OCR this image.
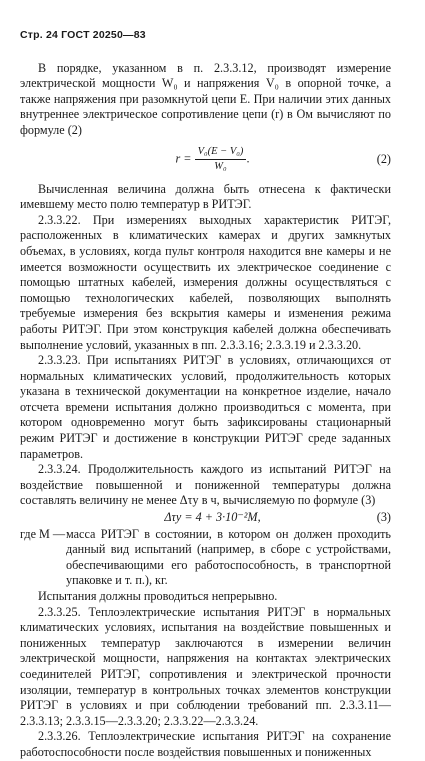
Стр. 24 ГОСТ 20250—83

В порядке, указанном в п. 2.3.3.12, производят измерение электрической мощности W₀ и напряжения V₀ в опорной точке, а также напряжения при разомкнутой цепи E. При наличии этих данных внутреннее электрическое сопротивление цепи (r) в Ом вычисляют по формуле (2)

$r = \frac{\text{V₀(E − V₀)}}{\text{W₀}}$ .	(2)

Вычисленная величина должна быть отнесена к фактически имевшему место полю температур в РИТЭГ.

2.3.3.22. При измерениях выходных характеристик РИТЭГ, расположенных в климатических камерах и других замкнутых объемах, в условиях, когда пульт контроля находится вне камеры и не имеется возможности осуществить их электрическое соединение с помощью штатных кабелей, измерения должны осуществляться с помощью технологических кабелей, позволяющих выполнять требуемые измерения без вскрытия камеры и изменения режима работы РИТЭГ. При этом конструкция кабелей должна обеспечивать выполнение условий, указанных в пп. 2.3.3.16; 2.3.3.19 и 2.3.3.20.

2.3.3.23. При испытаниях РИТЭГ в условиях, отличающихся от нормальных климатических условий, продолжительность которых указана в технической документации на конкретное изделие, начало отсчета времени испытания должно производиться с момента, при котором одновременно могут быть зафиксированы стационарный режим РИТЭГ и достижение в конструкции РИТЭГ среде заданных параметров.

2.3.3.24. Продолжительность каждого из испытаний РИТЭГ на воздействие повышенной и пониженной температуры должна составлять величину не менее Δτу в ч, вычисляемую по формуле (3)

Δτу = 4 + 3·10⁻²M,	(3)
где M — масса РИТЭГ в состоянии, в котором он должен проходить данный вид испытаний (например, в сборе с устройствами, обеспечивающими его работоспособность, в транспортной упаковке и т. п.), кг.

Испытания должны проводиться непрерывно.

2.3.3.25. Теплоэлектрические испытания РИТЭГ в нормальных климатических условиях, испытания на воздействие повышенных и пониженных температур заключаются в измерении величин электрической мощности, напряжения на контактах электрических соединителей РИТЭГ, сопротивления и электрической прочности изоляции, температур в контрольных точках элементов конструкции РИТЭГ в условиях и при соблюдении требований пп. 2.3.3.11—2.3.3.13; 2.3.3.15—2.3.3.20; 2.3.3.22—2.3.3.24.

2.3.3.26. Теплоэлектрические испытания РИТЭГ на сохранение работоспособности после воздействия повышенных и пониженных
